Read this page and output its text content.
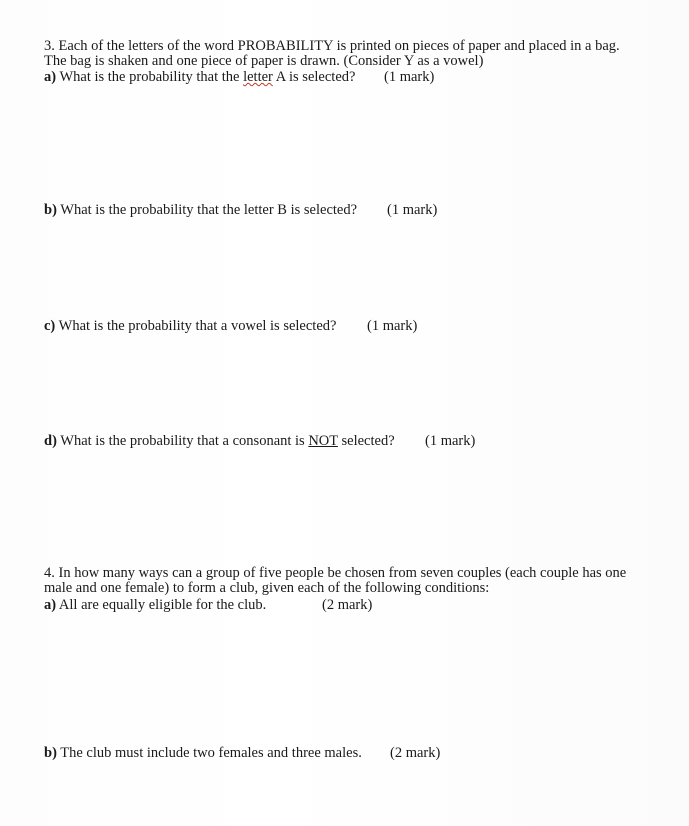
3. Each of the letters of the word PROBABILITY is printed on pieces of paper and placed in a bag.
The bag is shaken and one piece of paper is drawn. (Consider Y as a vowel)
a) What is the probability that the letter A is selected? (1 mark)
b) What is the probability that the letter B is selected? (1 mark)
c) What is the probability that a vowel is selected? (1 mark)
d) What is the probability that a consonant is NOT selected? (1 mark)
4. In how many ways can a group of five people be chosen from seven couples (each couple has one
male and one female) to form a club, given each of the following conditions:
a) All are equally eligible for the club.	(2 mark)
b) The club must include two females and three males. (2 mark)
